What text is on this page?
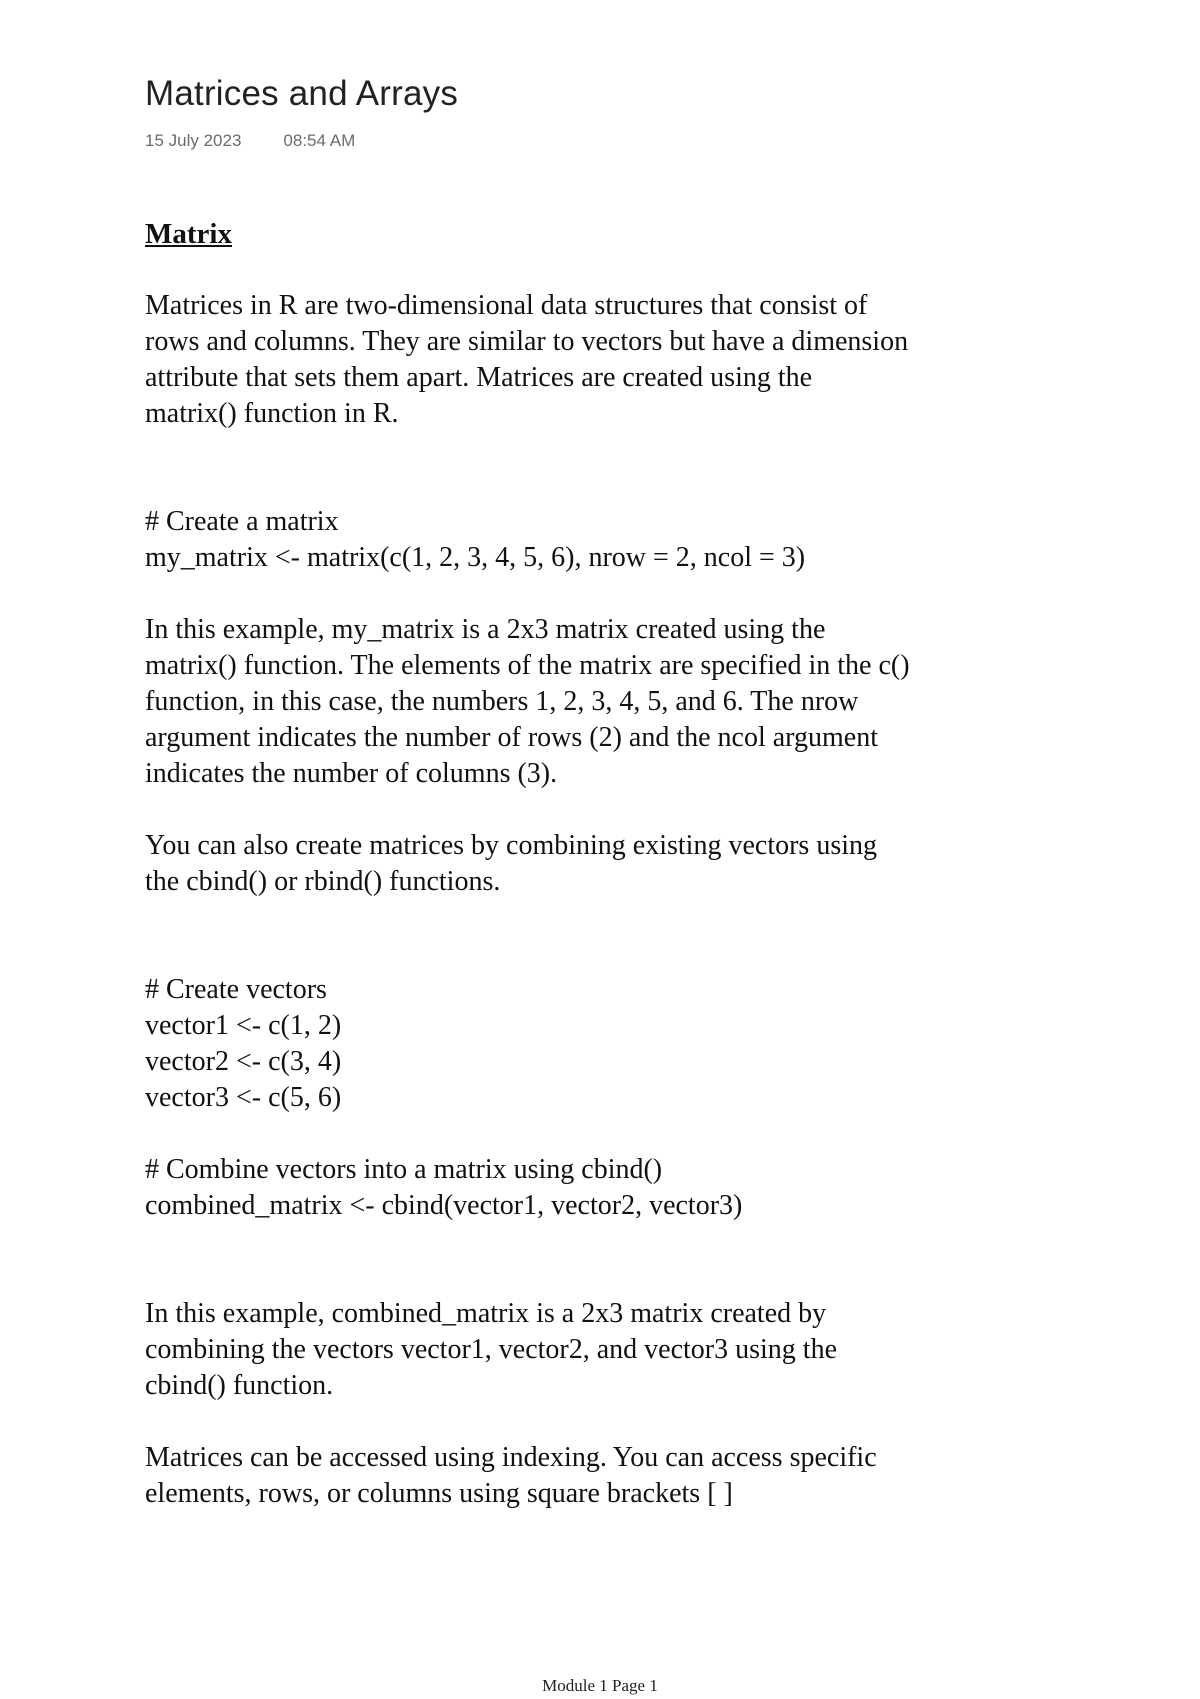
Matrices and Arrays
15 July 2023 08:54 AM
Matrix

Matrices in R are two-dimensional data structures that consist of
rows and columns. They are similar to vectors but have a dimension
attribute that sets them apart. Matrices are created using the
matrix() function in R.

# Create a matrix

my_matrix <- matrix(c(1, 2, 3, 4, 5, 6), nrow = 2, ncol = 3)

In this example, my_matrix is a 2x3 matrix created using the
matrix() function. The elements of the matrix are specified in the c()
function, in this case, the numbers 1, 2, 3, 4, 5, and 6. The nrow
argument indicates the number of rows (2) and the ncol argument
indicates the number of columns (3).

You can also create matrices by combining existing vectors using
the cbind() or rbind() functions.

# Create vectors

vector1 <- c(1, 2)

vector2 <- c(3, 4)

vector3 <- c(5, 6)

# Combine vectors into a matrix using cbind()

combined_matrix <- cbind(vector1, vector2, vector3)

In this example, combined_matrix is a 2x3 matrix created by
combining the vectors vector1, vector2, and vector3 using the
cbind() function.

Matrices can be accessed using indexing. You can access specific
elements, rows, or columns using square brackets [ ]

Module 1 Page 1
